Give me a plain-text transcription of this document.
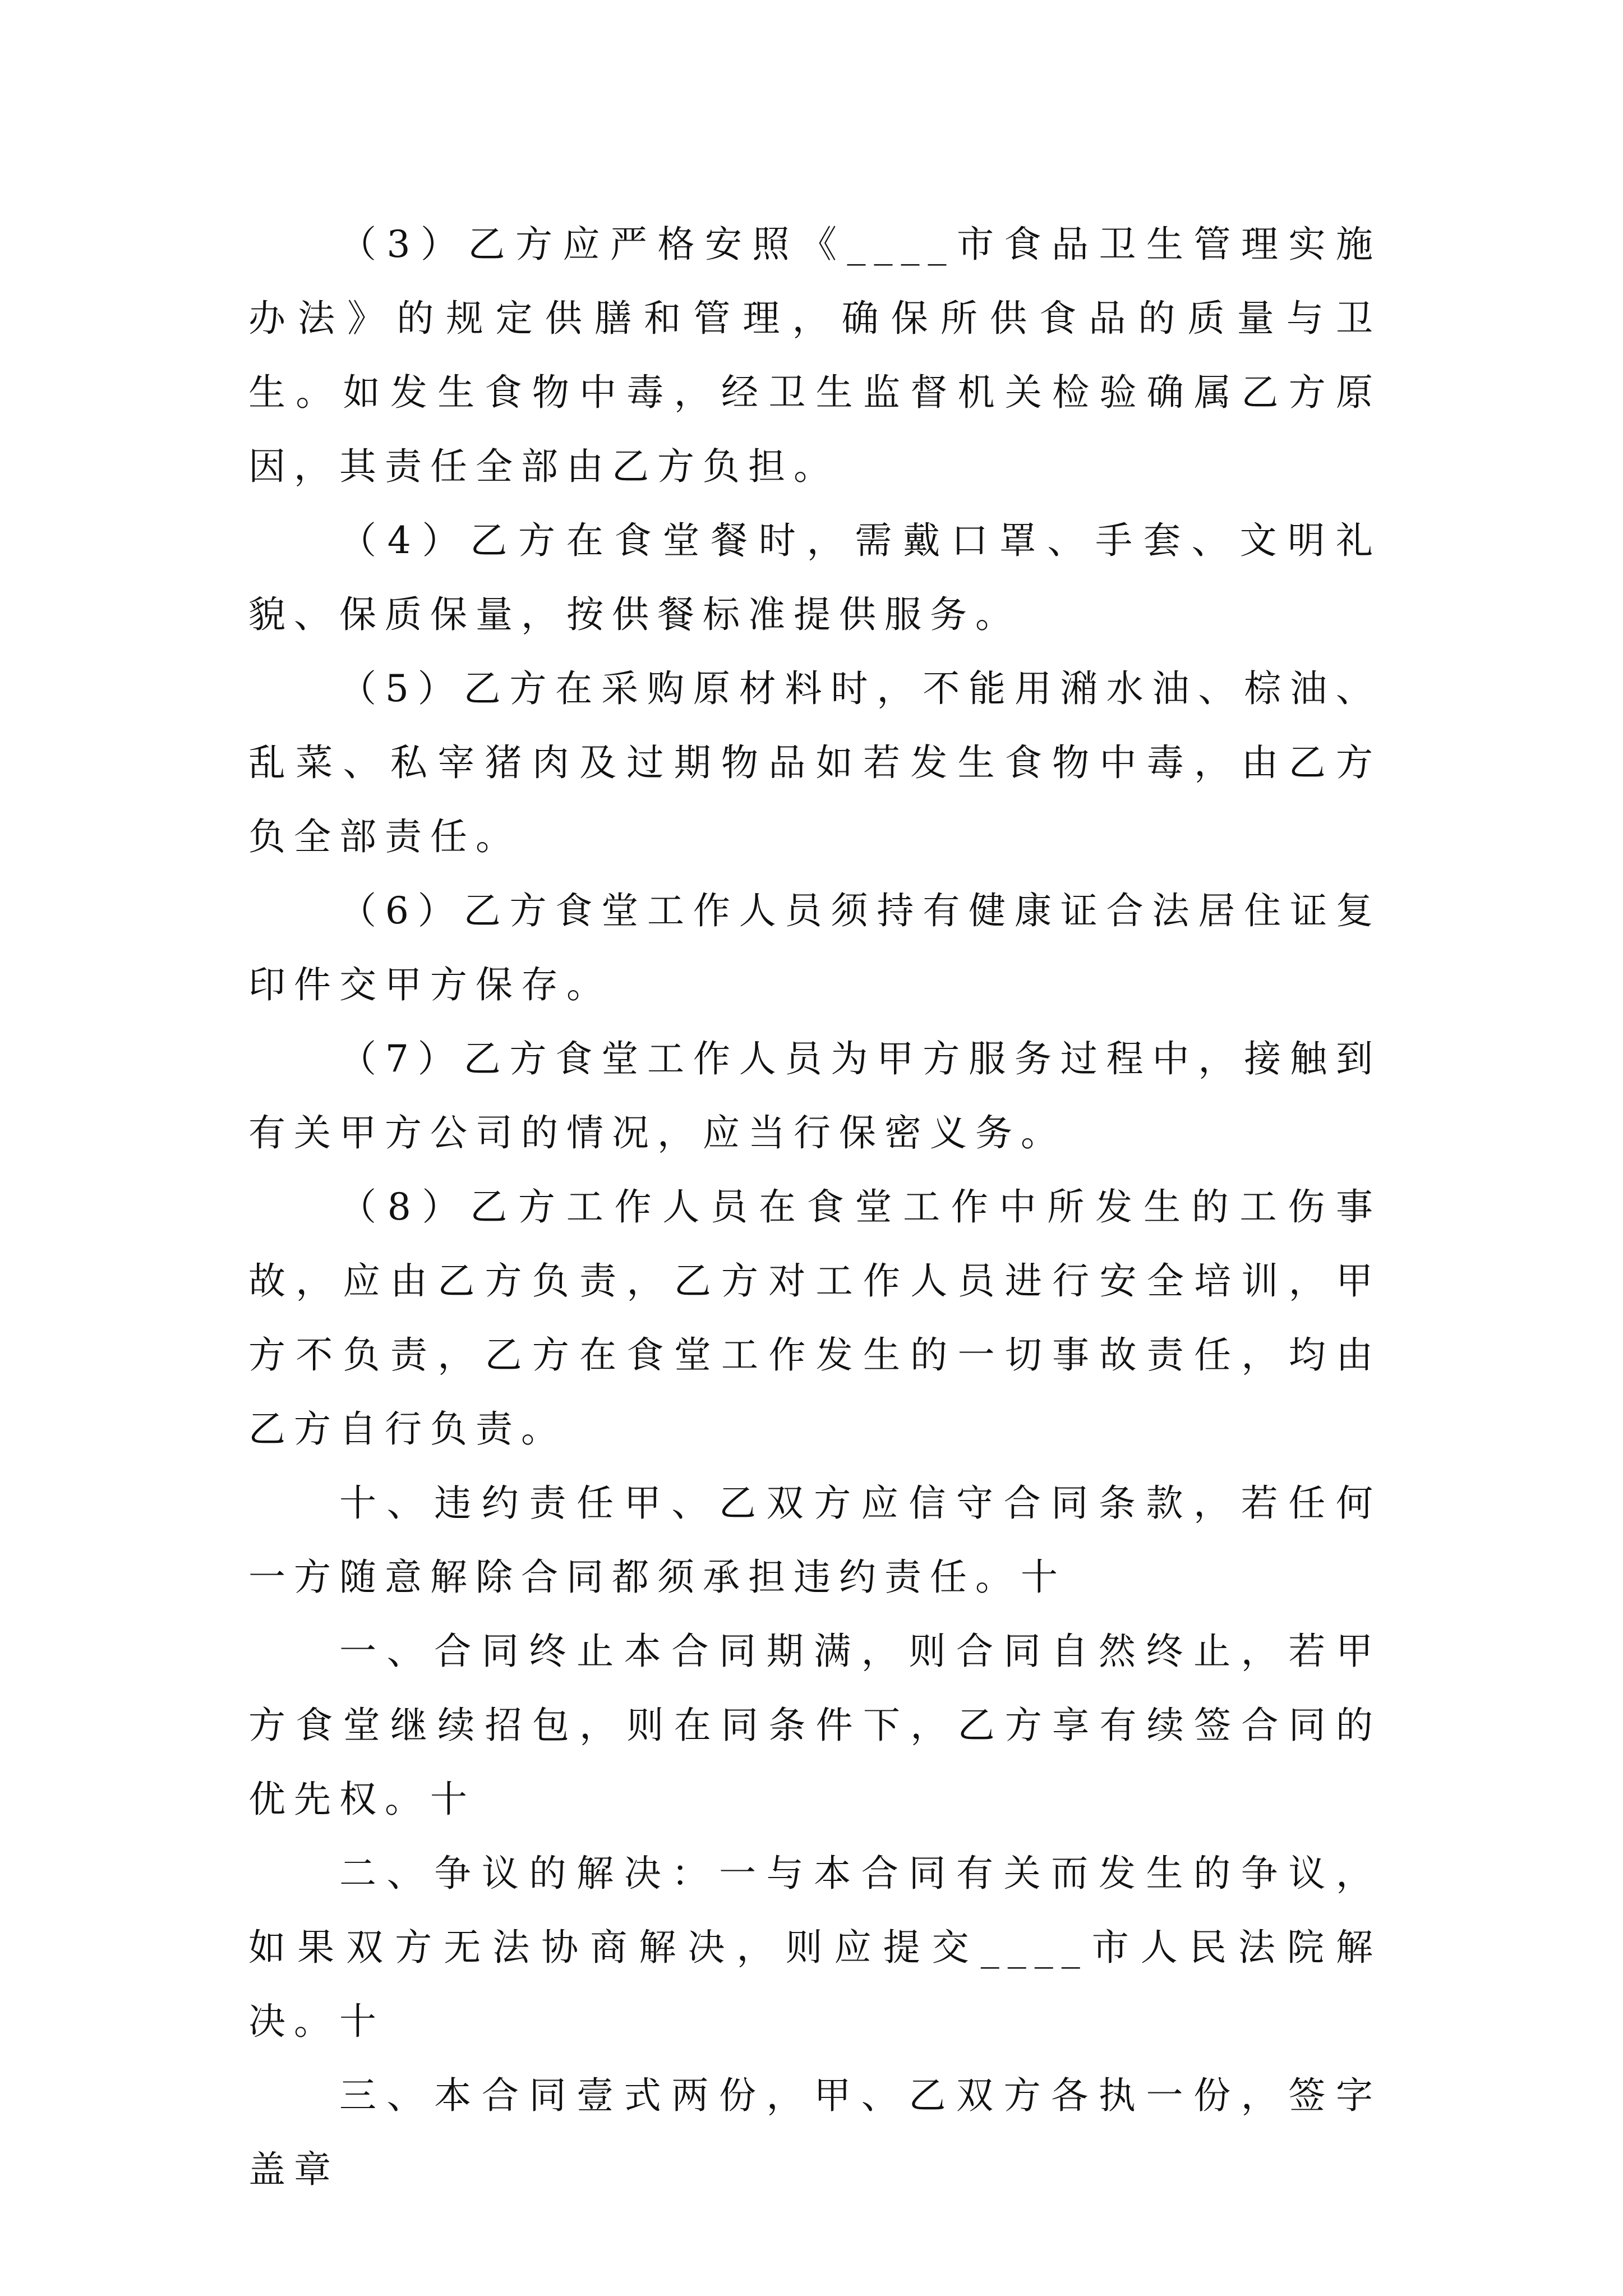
（3）乙方应严格安照《____市食品卫生管理实施办法》的规定供膳和管理，确保所供食品的质量与卫生。如发生食物中毒，经卫生监督机关检验确属乙方原因，其责任全部由乙方负担。

（4）乙方在食堂餐时，需戴口罩、手套、文明礼貌、保质保量，按供餐标准提供服务。

（5）乙方在采购原材料时，不能用潲水油、棕油、乱菜、私宰猪肉及过期物品如若发生食物中毒，由乙方负全部责任。

（6）乙方食堂工作人员须持有健康证合法居住证复印件交甲方保存。

（7）乙方食堂工作人员为甲方服务过程中，接触到有关甲方公司的情况，应当行保密义务。

（8）乙方工作人员在食堂工作中所发生的工伤事故，应由乙方负责，乙方对工作人员进行安全培训，甲方不负责，乙方在食堂工作发生的一切事故责任，均由乙方自行负责。

十、违约责任甲、乙双方应信守合同条款，若任何一方随意解除合同都须承担违约责任。十

一、合同终止本合同期满，则合同自然终止，若甲方食堂继续招包，则在同条件下，乙方享有续签合同的优先权。十

二、争议的解决：一与本合同有关而发生的争议，如果双方无法协商解决，则应提交____市人民法院解决。十

三、本合同壹式两份，甲、乙双方各执一份，签字盖章
